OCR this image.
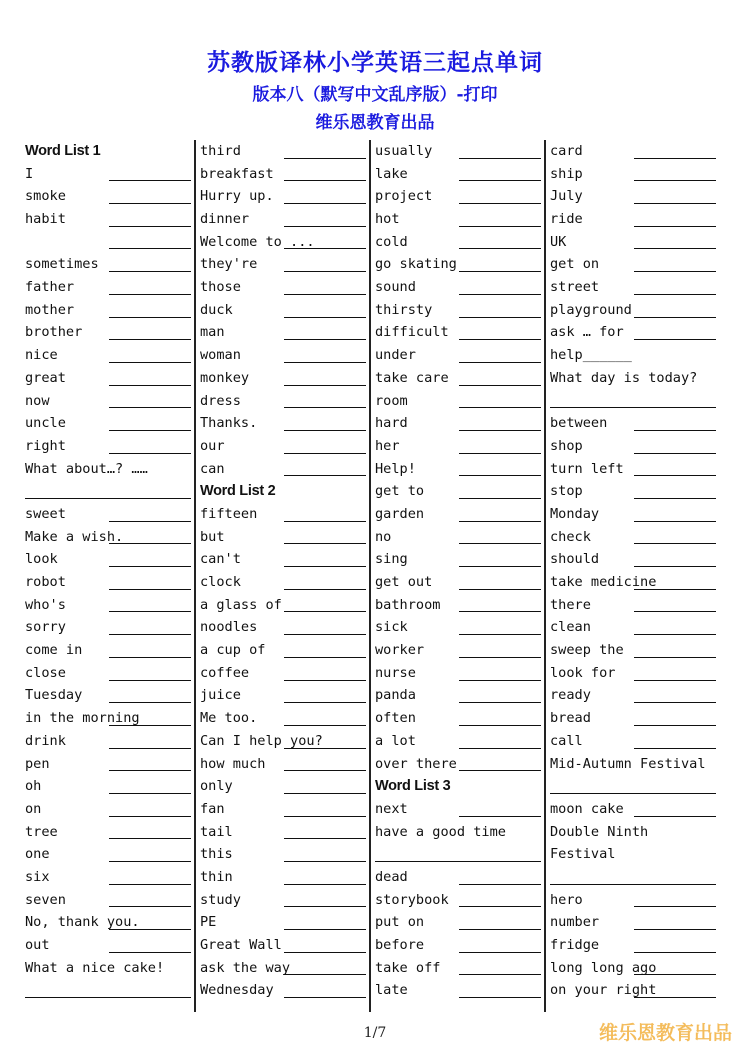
苏教版译林小学英语三起点单词
版本八（默写中文乱序版）-打印
维乐恩教育出品
Word List 1
I
smoke
habit
sometimes
father
mother
brother
nice
great
now
uncle
right
What about…? ……
sweet
Make a wish.
look
robot
who's
sorry
come in
close
Tuesday
in the morning
drink
pen
oh
on
tree
one
six
seven
No, thank you.
out
What a nice cake!
third
breakfast
Hurry up.
dinner
Welcome to ...
they're
those
duck
man
woman
monkey
dress
Thanks.
our
can
Word List 2
fifteen
but
can't
clock
a glass of
noodles
a cup of
coffee
juice
Me too.
Can I help you?
how much
only
fan
tail
this
thin
study
PE
Great Wall
ask the way
Wednesday
usually
lake
project
hot
cold
go skating
sound
thirsty
difficult
under
take care
room
hard
her
Help!
get to
garden
no
sing
get out
bathroom
sick
worker
nurse
panda
often
a lot
over there
Word List 3
next
have a good time
dead
storybook
put on
before
take off
late
card
ship
July
ride
UK
get on
street
playground
ask … for
help______
What day is today?
between
shop
turn left
stop
Monday
check
should
take medicine
there
clean
sweep the
look for
ready
bread
call
Mid-Autumn Festival
moon cake
Double Ninth
Festival
hero
number
fridge
long long ago
on your right
1/7	维乐恩教育出品
